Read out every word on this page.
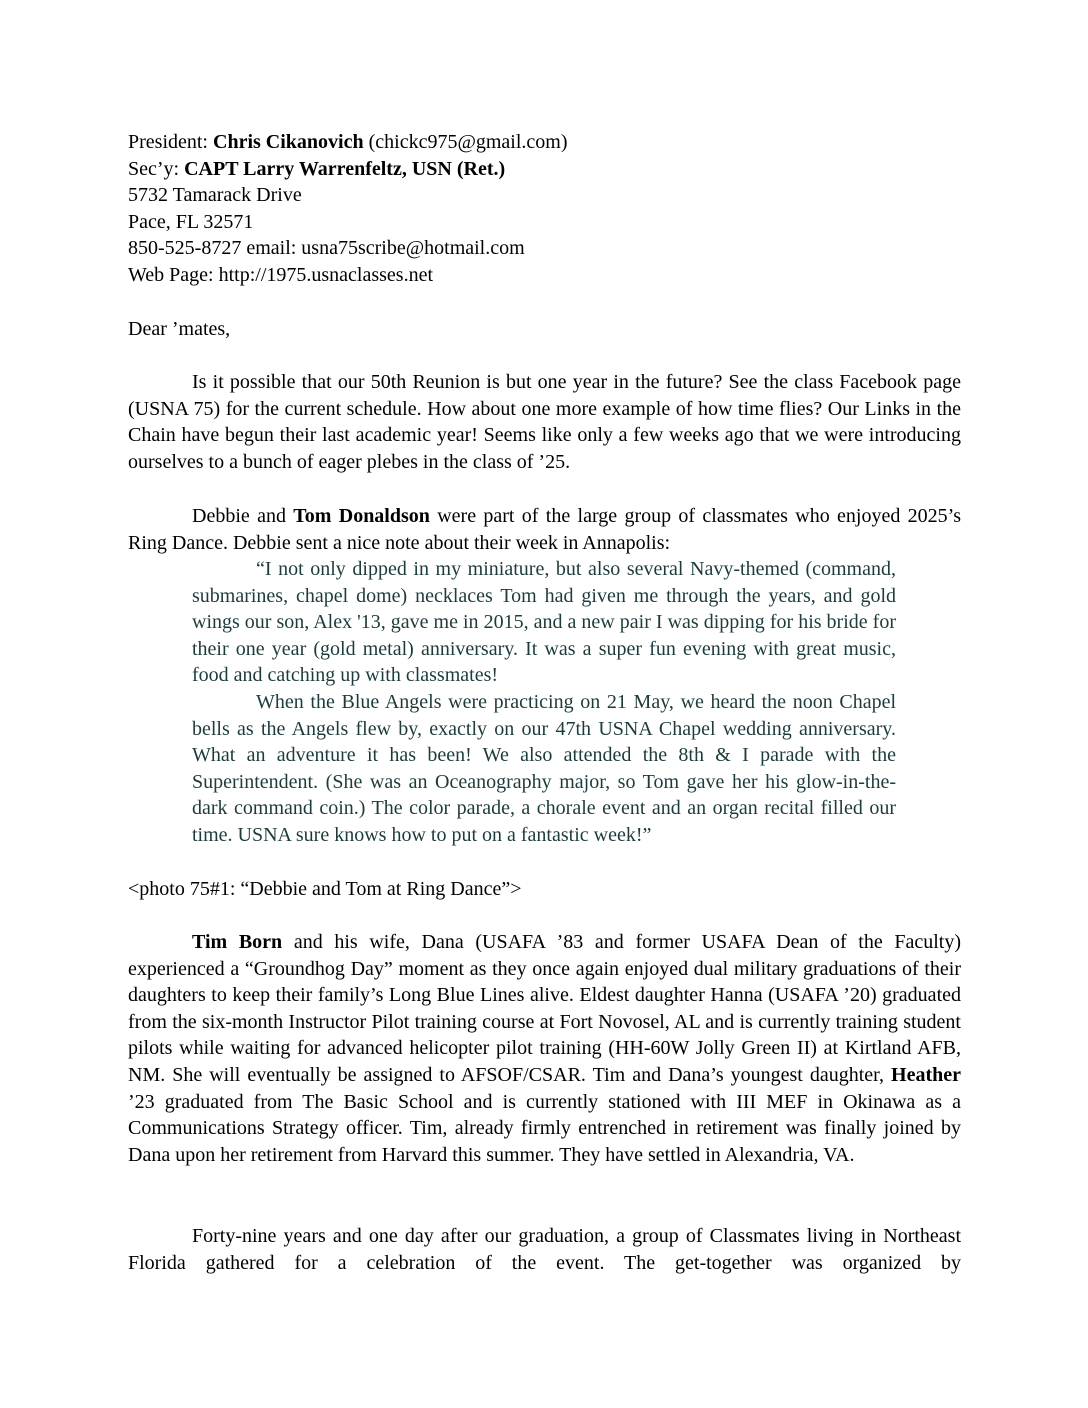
President: Chris Cikanovich (chickc975@gmail.com)
Sec’y: CAPT Larry Warrenfeltz, USN (Ret.)
5732 Tamarack Drive
Pace, FL 32571
850-525-8727 email: usna75scribe@hotmail.com
Web Page: http://1975.usnaclasses.net
Dear ’mates,

Is it possible that our 50th Reunion is but one year in the future? See the class Facebook page (USNA 75) for the current schedule. How about one more example of how time flies? Our Links in the Chain have begun their last academic year! Seems like only a few weeks ago that we were introducing ourselves to a bunch of eager plebes in the class of ’25.

Debbie and Tom Donaldson were part of the large group of classmates who enjoyed 2025’s Ring Dance. Debbie sent a nice note about their week in Annapolis:

“I not only dipped in my miniature, but also several Navy-themed (command, submarines, chapel dome) necklaces Tom had given me through the years, and gold wings our son, Alex '13, gave me in 2015, and a new pair I was dipping for his bride for their one year (gold metal) anniversary. It was a super fun evening with great music, food and catching up with classmates!

When the Blue Angels were practicing on 21 May, we heard the noon Chapel bells as the Angels flew by, exactly on our 47th USNA Chapel wedding anniversary. What an adventure it has been! We also attended the 8th & I parade with the Superintendent. (She was an Oceanography major, so Tom gave her his glow-in-the-dark command coin.) The color parade, a chorale event and an organ recital filled our time. USNA sure knows how to put on a fantastic week!”

<photo 75#1: “Debbie and Tom at Ring Dance”>

Tim Born and his wife, Dana (USAFA ’83 and former USAFA Dean of the Faculty) experienced a “Groundhog Day” moment as they once again enjoyed dual military graduations of their daughters to keep their family’s Long Blue Lines alive. Eldest daughter Hanna (USAFA ’20) graduated from the six-month Instructor Pilot training course at Fort Novosel, AL and is currently training student pilots while waiting for advanced helicopter pilot training (HH-60W Jolly Green II) at Kirtland AFB, NM. She will eventually be assigned to AFSOF/CSAR. Tim and Dana’s youngest daughter, Heather ’23 graduated from The Basic School and is currently stationed with III MEF in Okinawa as a Communications Strategy officer. Tim, already firmly entrenched in retirement was finally joined by Dana upon her retirement from Harvard this summer. They have settled in Alexandria, VA.

Forty-nine years and one day after our graduation, a group of Classmates living in Northeast Florida gathered for a celebration of the event. The get-together was organized by
